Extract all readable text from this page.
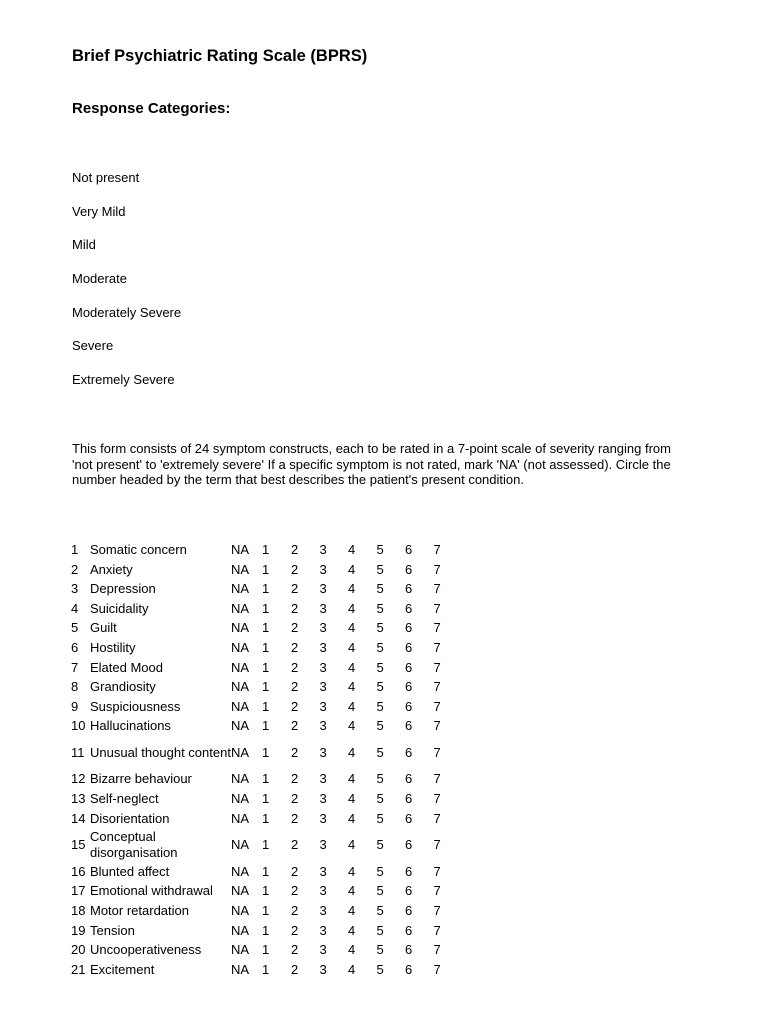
Brief Psychiatric Rating Scale (BPRS)
Response Categories:
Not present
Very Mild
Mild
Moderate
Moderately Severe
Severe
Extremely Severe

This form consists of 24 symptom constructs, each to be rated in a 7-point scale of severity ranging from 'not present' to 'extremely severe' If a specific symptom is not rated, mark 'NA' (not assessed). Circle the number headed by the term that best describes the patient's present condition.

1	Somatic concern	NA	1	2	3	4	5	6	7
2	Anxiety	NA	1	2	3	4	5	6	7
3	Depression	NA	1	2	3	4	5	6	7
4	Suicidality	NA	1	2	3	4	5	6	7
5	Guilt	NA	1	2	3	4	5	6	7
6	Hostility	NA	1	2	3	4	5	6	7
7	Elated Mood	NA	1	2	3	4	5	6	7
8	Grandiosity	NA	1	2	3	4	5	6	7
9	Suspiciousness	NA	1	2	3	4	5	6	7
10	Hallucinations	NA	1	2	3	4	5	6	7
11	Unusual thought content	NA	1	2	3	4	5	6	7
12	Bizarre behaviour	NA	1	2	3	4	5	6	7
13	Self-neglect	NA	1	2	3	4	5	6	7
14	Disorientation	NA	1	2	3	4	5	6	7
15	Conceptual disorganisation	NA	1	2	3	4	5	6	7
16	Blunted affect	NA	1	2	3	4	5	6	7
17	Emotional withdrawal	NA	1	2	3	4	5	6	7
18	Motor retardation	NA	1	2	3	4	5	6	7
19	Tension	NA	1	2	3	4	5	6	7
20	Uncooperativeness	NA	1	2	3	4	5	6	7
21	Excitement	NA	1	2	3	4	5	6	7
